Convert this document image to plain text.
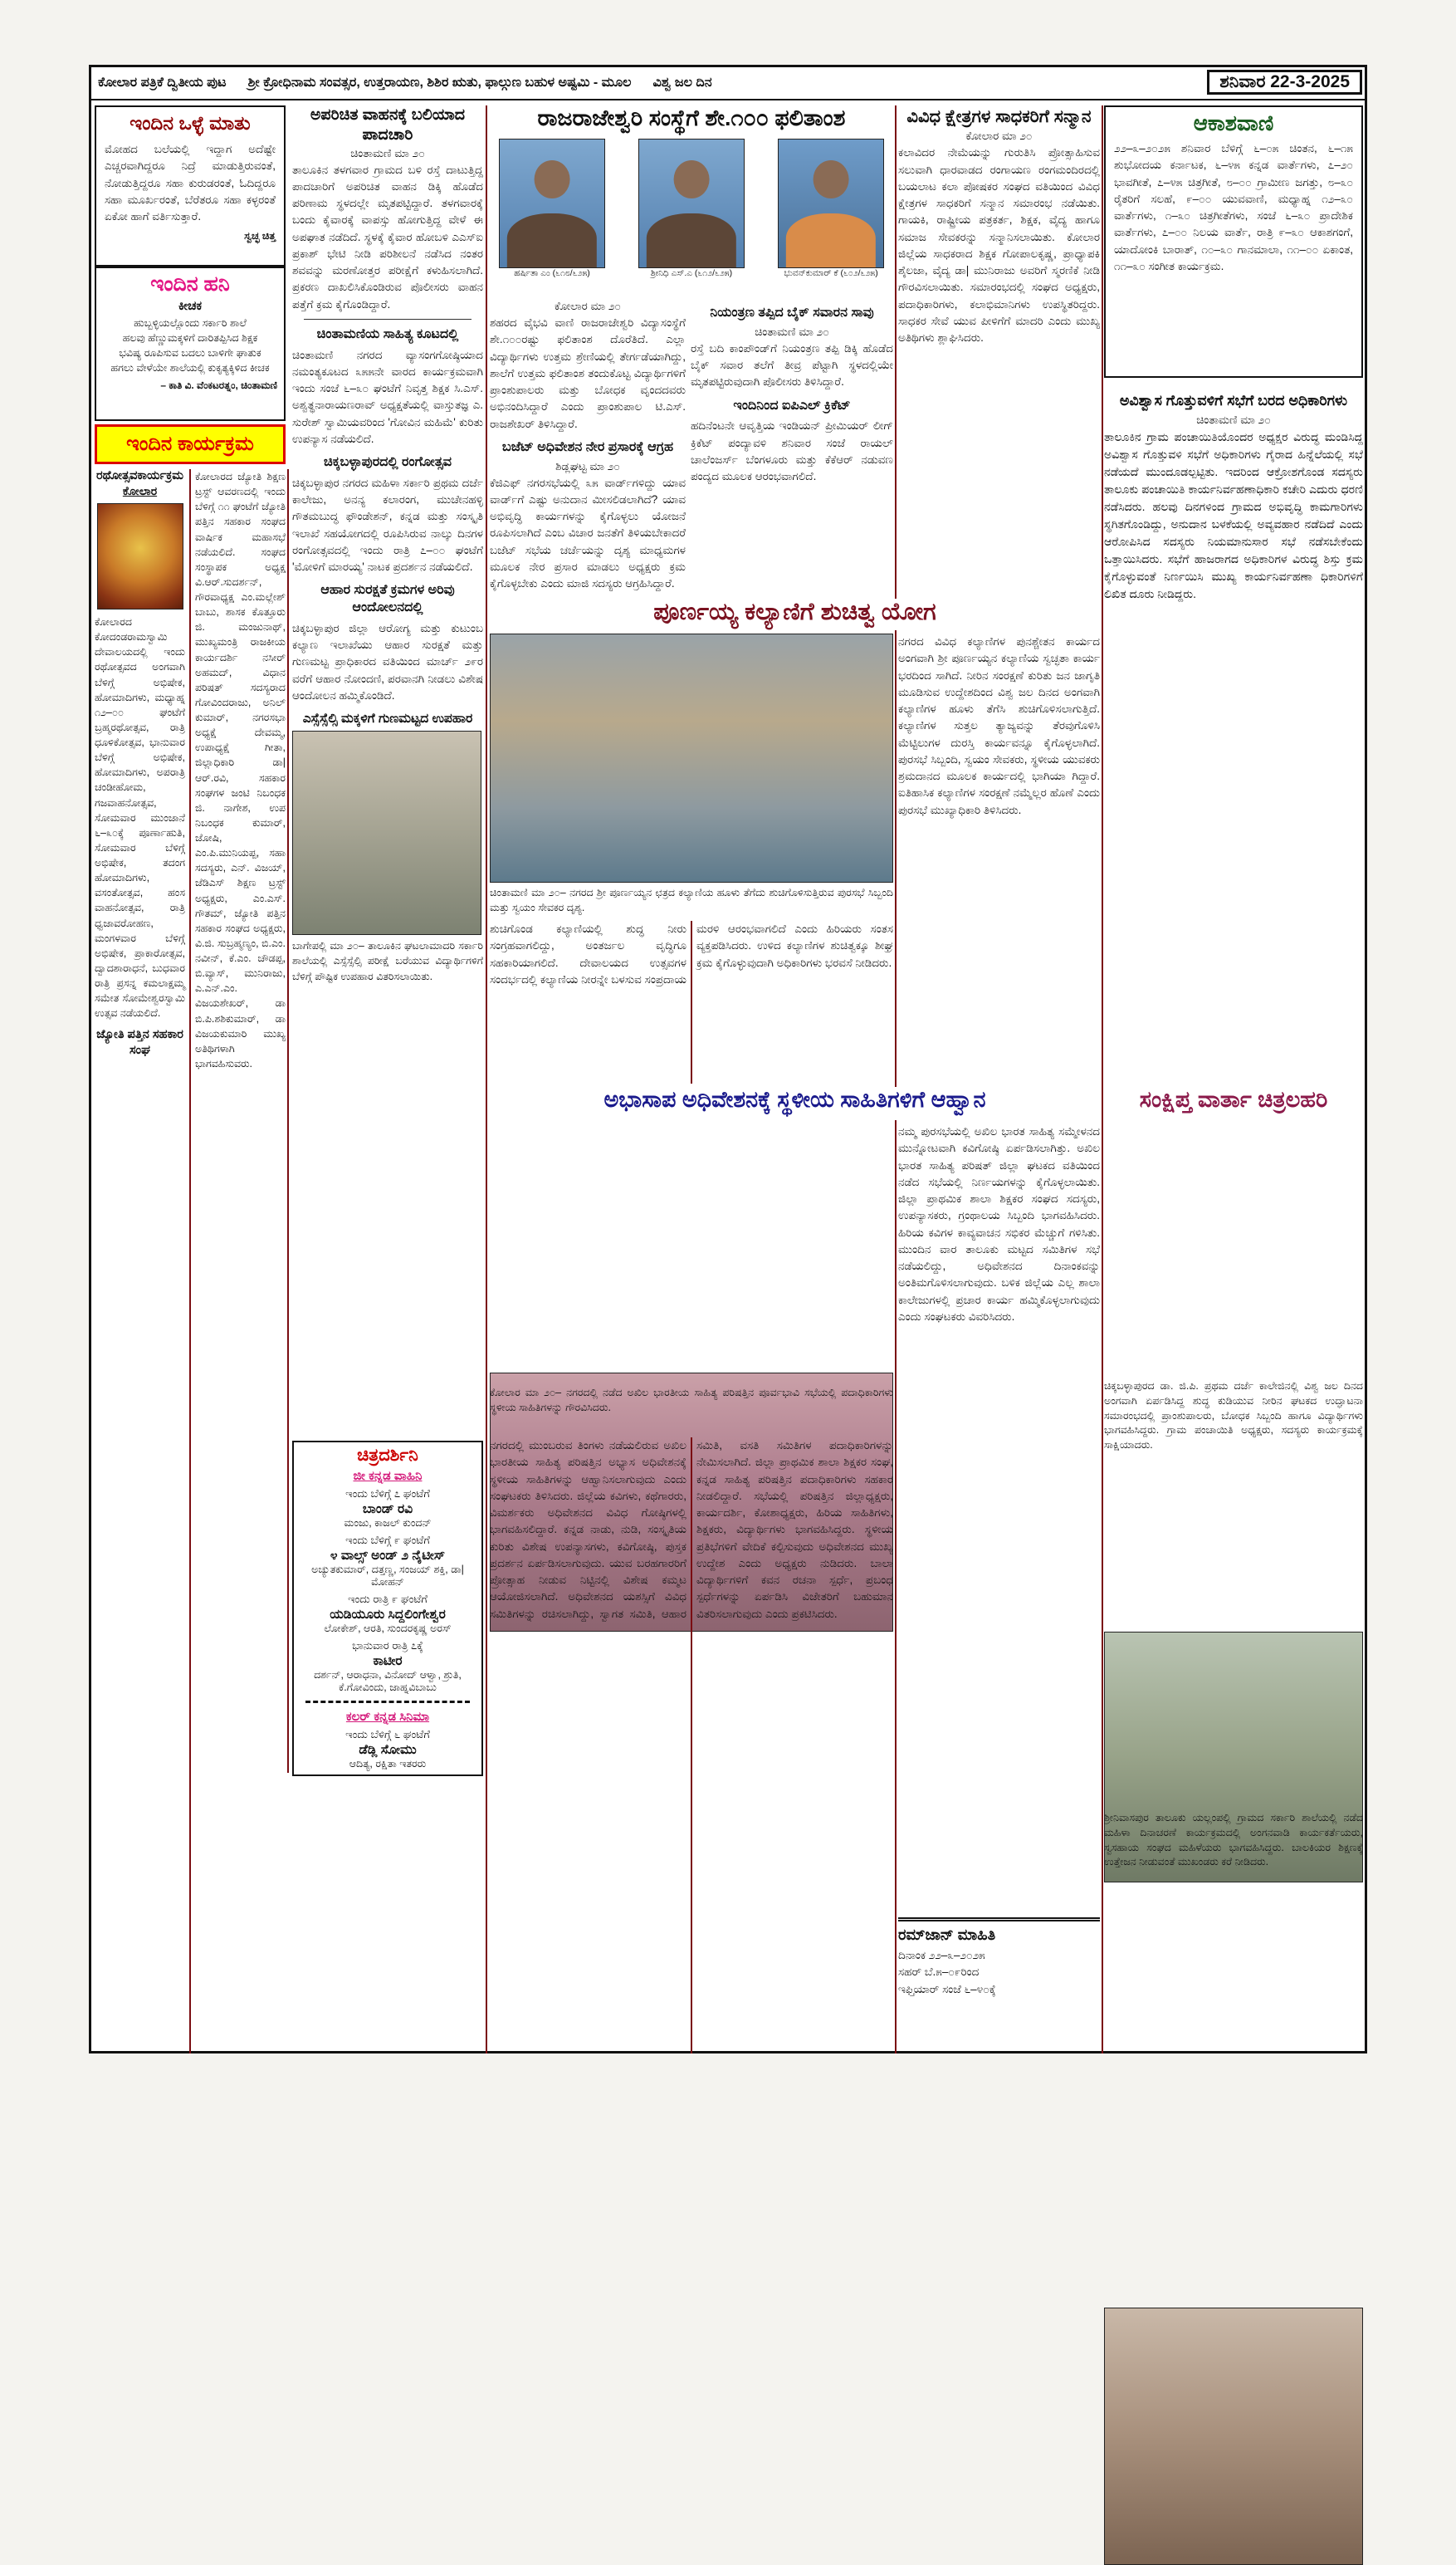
ಕೋಲಾರ ಪತ್ರಿಕೆ ದ್ವಿತೀಯ ಪುಟ ಶ್ರೀ ಕ್ರೋಧಿನಾಮ ಸಂವತ್ಸರ, ಉತ್ತರಾಯಣ, ಶಿಶಿರ ಋತು, ಫಾಲ್ಗುಣ ಬಹುಳ ಅಷ್ಟಮಿ - ಮೂಲ ವಿಶ್ವ ಜಲ ದಿನ	ಶನಿವಾರ 22-3-2025
ಇಂದಿನ ಒಳ್ಳೆ ಮಾತು
ಮೋಹದ ಬಲೆಯಲ್ಲಿ ಇದ್ದಾಗ ಅದೆಷ್ಟೇ ಎಚ್ಚರವಾಗಿದ್ದರೂ ನಿದ್ರೆ ಮಾಡುತ್ತಿರುವಂತೆ, ನೋಡುತ್ತಿದ್ದರೂ ಸಹಾ ಕುರುಡರಂತೆ, ಓದಿದ್ದರೂ ಸಹಾ ಮೂರ್ಖರಂತೆ, ಬೆರೆತರೂ ಸಹಾ ಕಳ್ಳರಂತೆ ಏಕೋ ಹಾಗೆ ವರ್ತಿಸುತ್ತಾರೆ.
ಸ್ವಚ್ಛ ಚಿತ್ತ
ಇಂದಿನ ಹನಿ
ಕೀಚಕ
ಹುಬ್ಬಳ್ಳಿಯಲ್ಲೊಂದು ಸರ್ಕಾರಿ ಶಾಲೆ
ಹಲವು ಹೆಣ್ಣುಮಕ್ಕಳಿಗೆ ದಾರಿತಪ್ಪಿಸಿದ ಶಿಕ್ಷಕ
ಭವಿಷ್ಯ ರೂಪಿಸುವ ಬದಲು ಬಾಳಿಗೇ ಘಾತುಕ
ಹಗಲು ವೇಳೆಯೇ ಶಾಲೆಯಲ್ಲಿ ಕುಕೃತ್ಯಕ್ಕಿಳಿದ ಕೀಚಕ
– ಕಾತಿ ವಿ. ವೆಂಕಟರತ್ನಂ, ಚಿಂತಾಮಣಿ
ಇಂದಿನ ಕಾರ್ಯಕ್ರಮ
ರಥೋತ್ಸವಕಾರ್ಯಕ್ರಮ
ಕೋಲಾರ
ಕೋಲಾರದ ಕೋದಂಡರಾಮಸ್ವಾಮಿ ದೇವಾಲಯದಲ್ಲಿ ಇಂದು ರಥೋತ್ಸವದ ಅಂಗವಾಗಿ ಬೆಳಿಗ್ಗೆ ಅಭಿಷೇಕ, ಹೋಮಾದಿಗಳು, ಮಧ್ಯಾಹ್ನ ೧೨–೦೦ ಘಂಟೆಗೆ ಬ್ರಹ್ಮರಥೋತ್ಸವ, ರಾತ್ರಿ ಧೂಳಿಕೋತ್ಸವ, ಭಾನುವಾರ ಬೆಳಿಗ್ಗೆ ಅಭಿಷೇಕ, ಹೋಮಾದಿಗಳು, ಅಪರಾತ್ರಿ ಚಂಡೀಹೋಮ, ಗಜವಾಹನೋತ್ಸವ, ಸೋಮವಾರ ಮುಂಜಾನೆ ೬–೩೦ಕ್ಕೆ ಪೂರ್ಣಾಹುತಿ, ಸೋಮವಾರ ಬೆಳಿಗ್ಗೆ ಅಭಿಷೇಕ, ತದಂಗ ಹೋಮಾದಿಗಳು, ವಸಂತೋತ್ಸವ, ಹಂಸ ವಾಹನೋತ್ಸವ, ರಾತ್ರಿ ಧ್ವಜಾವರೋಹಣ, ಮಂಗಳವಾರ ಬೆಳಿಗ್ಗೆ ಅಭಿಷೇಕ, ಪ್ರಾಕಾರೋತ್ಸವ, ದ್ವಾದಶಾರಾಧನೆ, ಬುಧವಾರ ರಾತ್ರಿ ಪ್ರಸನ್ನ ಕಮಲಾಕ್ಷಮ್ಮ ಸಮೇತ ಸೋಮೇಶ್ವರಸ್ವಾಮಿ ಉತ್ಸವ ನಡೆಯಲಿದೆ.
ಜ್ಯೋತಿ ಪತ್ತಿನ ಸಹಕಾರ ಸಂಘ
ಕೋಲಾರದ ಜ್ಯೋತಿ ಶಿಕ್ಷಣ ಟ್ರಸ್ಟ್ ಆವರಣದಲ್ಲಿ ಇಂದು ಬೆಳಿಗ್ಗೆ ೧೧ ಘಂಟೆಗೆ ಜ್ಯೋತಿ ಪತ್ತಿನ ಸಹಕಾರ ಸಂಘದ ವಾರ್ಷಿಕ ಮಹಾಸಭೆ ನಡೆಯಲಿದೆ. ಸಂಘದ ಸಂಸ್ಥಾಪಕ ಅಧ್ಯಕ್ಷ ವಿ.ಆರ್.ಸುದರ್ಶನ್, ಗೌರವಾಧ್ಯಕ್ಷ ಎಂ.ಮಲ್ಲೇಶ್ ಬಾಬು, ಶಾಸಕ ಕೊತ್ತೂರು ಜಿ. ಮಂಜುನಾಥ್, ಮುಖ್ಯಮಂತ್ರಿ ರಾಜಕೀಯ ಕಾರ್ಯದರ್ಶಿ ನಸೀರ್ ಅಹಮದ್, ವಿಧಾನ ಪರಿಷತ್ ಸದಸ್ಯರಾದ ಗೋವಿಂದರಾಜು, ಅನಿಲ್ ಕುಮಾರ್, ನಗರಸಭಾ ಅಧ್ಯಕ್ಷೆ ದೇವಮ್ಮ, ಉಪಾಧ್ಯಕ್ಷೆ ಗೀತಾ, ಜಿಲ್ಲಾಧಿಕಾರಿ ಡಾ| ಆರ್.ರವಿ, ಸಹಕಾರ ಸಂಘಗಳ ಜಂಟಿ ನಿಬಂಧಕ ಜಿ. ನಾಗೇಶ, ಉಪ ನಿಬಂಧಕ ಕುಮಾರ್, ಜೋಷಿ, ಎಂ.ಪಿ.ಮುನಿಯಪ್ಪ, ಸಹಾ ಸದಸ್ಯರು, ಎನ್. ವಿಜಯ್, ಜೆಡಿಎಸ್ ಶಿಕ್ಷಣ ಟ್ರಸ್ಟ್ ಅಧ್ಯಕ್ಷರು, ಎಂ.ಎಸ್. ಗೌತಮ್, ಜ್ಯೋತಿ ಪತ್ತಿನ ಸಹಕಾರ ಸಂಘದ ಅಧ್ಯಕ್ಷರು, ವಿ.ಜಿ. ಸುಬ್ರಹ್ಮಣ್ಯಂ, ಬಿ.ಎಂ. ನವೀನ್, ಕೆ.ಎಂ. ಚೌಡಪ್ಪ, ಬಿ.ವ್ಯಾಸ್, ಮುನಿರಾಜು, ಎ.ಎನ್.ಎಂ. ವಿಜಯಶೇಖರ್, ಡಾ ಬಿ.ಪಿ.ಶಶಿಕುಮಾರ್, ಡಾ ವಿಜಯಕುಮಾರಿ ಮುಖ್ಯ ಅತಿಥಿಗಳಾಗಿ ಭಾಗವಹಿಸುವರು.
ಅಪರಿಚಿತ ವಾಹನಕ್ಕೆ ಬಲಿಯಾದ ಪಾದಚಾರಿ
ಚಿಂತಾಮಣಿ ಮಾ ೨೦
ತಾಲೂಕಿನ ತಳಗವಾರ ಗ್ರಾಮದ ಬಳಿ ರಸ್ತೆ ದಾಟುತ್ತಿದ್ದ ಪಾದಚಾರಿಗೆ ಅಪರಿಚಿತ ವಾಹನ ಡಿಕ್ಕಿ ಹೊಡೆದ ಪರಿಣಾಮ ಸ್ಥಳದಲ್ಲೇ ಮೃತಪಟ್ಟಿದ್ದಾರೆ. ತಳಗವಾರಕ್ಕೆ ಬಂದು ಕೈವಾರಕ್ಕೆ ವಾಪಸ್ಸು ಹೋಗುತ್ತಿದ್ದ ವೇಳೆ ಈ ಅಪಘಾತ ನಡೆದಿದೆ. ಸ್ಥಳಕ್ಕೆ ಕೈವಾರ ಹೋಬಳಿ ಎಎಸ್‌ಐ ಪ್ರಕಾಶ್ ಭೇಟಿ ನೀಡಿ ಪರಿಶೀಲನೆ ನಡೆಸಿದ ನಂತರ ಶವವನ್ನು ಮರಣೋತ್ತರ ಪರೀಕ್ಷೆಗೆ ಕಳುಹಿಸಲಾಗಿದೆ. ಪ್ರಕರಣ ದಾಖಲಿಸಿಕೊಂಡಿರುವ ಪೊಲೀಸರು ವಾಹನ ಪತ್ತೆಗೆ ಕ್ರಮ ಕೈಗೊಂಡಿದ್ದಾರೆ.
ಚಿಂತಾಮಣಿಯ ಸಾಹಿತ್ಯ ಕೂಟದಲ್ಲಿ
ಚಿಂತಾಮಣಿ ನಗರದ ವ್ಯಾಸಂಗಗೋಷ್ಠಿಯಾದ ನಮಂತ್ಯಕೂಟದ ೩೫೫ನೇ ವಾರದ ಕಾರ್ಯಕ್ರಮವಾಗಿ ಇಂದು ಸಂಜೆ ೬–೩೦ ಘಂಟೆಗೆ ನಿವೃತ್ತ ಶಿಕ್ಷಕ ಸಿ.ಎಸ್. ಅಶ್ವತ್ಥನಾರಾಯಣರಾವ್ ಅಧ್ಯಕ್ಷತೆಯಲ್ಲಿ ವಾಸ್ತುತಜ್ಞ ಎ. ಸುರೇಶ್ ಸ್ವಾಮಿಯವರಿಂದ 'ಗೋವಿನ ಮಹಿಮೆ' ಕುರಿತು ಉಪನ್ಯಾಸ ನಡೆಯಲಿದೆ.
ಚಿಕ್ಕಬಳ್ಳಾಪುರದಲ್ಲಿ ರಂಗೋತ್ಸವ
ಚಿಕ್ಕಬಳ್ಳಾಪುರ ನಗರದ ಮಹಿಳಾ ಸರ್ಕಾರಿ ಪ್ರಥಮ ದರ್ಜೆ ಕಾಲೇಜು, ಅನನ್ಯ ಕಲಾರಂಗ, ಮುಚೇನಹಳ್ಳಿ ಗೌತಮಬುದ್ಧ ಫೌಂಡೇಶನ್, ಕನ್ನಡ ಮತ್ತು ಸಂಸ್ಕೃತಿ ಇಲಾಖೆ ಸಹಯೋಗದಲ್ಲಿ ರೂಪಿಸಿರುವ ನಾಲ್ಕು ದಿನಗಳ ರಂಗೋತ್ಸವದಲ್ಲಿ ಇಂದು ರಾತ್ರಿ ೭–೦೦ ಘಂಟೆಗೆ 'ಮೋಳಿಗೆ ಮಾರಯ್ಯ' ನಾಟಕ ಪ್ರದರ್ಶನ ನಡೆಯಲಿದೆ.
ಆಹಾರ ಸುರಕ್ಷತೆ ಕ್ರಮಗಳ ಅರಿವು ಆಂದೋಲನದಲ್ಲಿ
ಚಿಕ್ಕಬಳ್ಳಾಪುರ ಜಿಲ್ಲಾ ಆರೋಗ್ಯ ಮತ್ತು ಕುಟುಂಬ ಕಲ್ಯಾಣ ಇಲಾಖೆಯು ಆಹಾರ ಸುರಕ್ಷತೆ ಮತ್ತು ಗುಣಮಟ್ಟ ಪ್ರಾಧಿಕಾರದ ವತಿಯಿಂದ ಮಾರ್ಚ್ ೨೯ರ ವರೆಗೆ ಆಹಾರ ನೋಂದಣಿ, ಪರವಾನಗಿ ನೀಡಲು ವಿಶೇಷ ಆಂದೋಲನ ಹಮ್ಮಿಕೊಂಡಿದೆ.
ಎಸ್ಸೆಸ್ಸೆಲ್ಸಿ ಮಕ್ಕಳಿಗೆ ಗುಣಮಟ್ಟದ ಉಪಹಾರ
ಬಾಗೇಪಲ್ಲಿ ಮಾ ೨೦– ತಾಲೂಕಿನ ಘಟಲಾಮಾದರಿ ಸರ್ಕಾರಿ ಶಾಲೆಯಲ್ಲಿ ಎಸ್ಸೆಸ್ಸೆಲ್ಸಿ ಪರೀಕ್ಷೆ ಬರೆಯುವ ವಿದ್ಯಾರ್ಥಿಗಳಿಗೆ ಬೆಳಿಗ್ಗೆ ಪೌಷ್ಟಿಕ ಉಪಹಾರ ವಿತರಿಸಲಾಯಿತು.
ಚಿತ್ರದರ್ಶಿನಿ
ಜೀ ಕನ್ನಡ ವಾಹಿನಿ
ಇಂದು ಬೆಳಿಗ್ಗೆ ೭ ಘಂಟೆಗೆ
ಬಾಂಡ್ ರವಿ
ಮಂಜು, ಕಾಜಲ್ ಕುಂದನ್
ಇಂದು ಬೆಳಿಗ್ಗೆ ೯ ಘಂಟೆಗೆ
೪ ವಾಲ್ಸ್ ಅಂಡ್ ೨ ನೈಟೀಸ್
ಅಚ್ಯುತಕುಮಾರ್, ದತ್ತಣ್ಣ, ಸಂಜಯ್ ಶಕ್ತಿ, ಡಾ|ಮೋಹನ್
ಇಂದು ರಾತ್ರಿ ೯ ಘಂಟೆಗೆ
ಯಡಿಯೂರು ಸಿದ್ದಲಿಂಗೇಶ್ವರ
ಲೋಕೇಶ್, ಆರತಿ, ಸುಂದರಕೃಷ್ಣ ಅರಸ್
ಭಾನುವಾರ ರಾತ್ರಿ ೭ಕ್ಕೆ
ಕಾಟೀರ
ದರ್ಶನ್, ಆರಾಧನಾ, ವಿನೋದ್ ಆಳ್ವಾ, ಶ್ರುತಿ, ಕೆ.ಗೋವಿಂದು, ಜಾಹ್ನವಿಬಾಬು
ಕಲರ್ ಕನ್ನಡ ಸಿನಿಮಾ
ಇಂದು ಬೆಳಿಗ್ಗೆ ೬ ಘಂಟೆಗೆ
ಡೆಡ್ಲಿ ಸೋಮು
ಆದಿತ್ಯ, ರಕ್ಷಿತಾ ಇತರರು
ರಾಜರಾಜೇಶ್ವರಿ ಸಂಸ್ಥೆಗೆ ಶೇ.೧೦೦ ಫಲಿತಾಂಶ
ಹರ್ಷಿತಾ ಎಂ (೬೧೮/೬೨೫)	ಶ್ರೀನಿಧಿ ಎಸ್.ಎ (೬೧೨/೬೨೫)	ಭುವನ್‌ಕುಮಾರ್ ಕೆ (೬೦೨/೬೨೫)
ಕೋಲಾರ ಮಾ ೨೦
ಶಹರದ ವೈಭವಿ ವಾಣಿ ರಾಜರಾಜೇಶ್ವರಿ ವಿದ್ಯಾಸಂಸ್ಥೆಗೆ ಶೇ.೧೦೦ರಷ್ಟು ಫಲಿತಾಂಶ ದೊರೆತಿದೆ. ಎಲ್ಲಾ ವಿದ್ಯಾರ್ಥಿಗಳು ಉತ್ತಮ ಶ್ರೇಣಿಯಲ್ಲಿ ತೇರ್ಗಡೆಯಾಗಿದ್ದು, ಶಾಲೆಗೆ ಉತ್ತಮ ಫಲಿತಾಂಶ ತಂದುಕೊಟ್ಟ ವಿದ್ಯಾರ್ಥಿಗಳಿಗೆ ಪ್ರಾಂಶುಪಾಲರು ಮತ್ತು ಬೋಧಕ ವೃಂದದವರು ಅಭಿನಂದಿಸಿದ್ದಾರೆ ಎಂದು ಪ್ರಾಂಶುಪಾಲ ಟಿ.ಎಸ್. ರಾಜಶೇಖರ್ ತಿಳಿಸಿದ್ದಾರೆ.
ಬಜೆಟ್ ಅಧಿವೇಶನ ನೇರ ಪ್ರಸಾರಕ್ಕೆ ಆಗ್ರಹ
ಶಿಡ್ಲಘಟ್ಟ ಮಾ ೨೦
ಕೆಜಿಎಫ್ ನಗರಸಭೆಯಲ್ಲಿ ೩೫ ವಾರ್ಡ್‌ಗಳಿದ್ದು ಯಾವ ವಾರ್ಡ್‌ಗೆ ಎಷ್ಟು ಅನುದಾನ ಮೀಸಲಿಡಲಾಗಿದೆ? ಯಾವ ಅಭಿವೃದ್ಧಿ ಕಾರ್ಯಗಳನ್ನು ಕೈಗೊಳ್ಳಲು ಯೋಜನೆ ರೂಪಿಸಲಾಗಿದೆ ಎಂಬ ವಿಚಾರ ಜನತೆಗೆ ತಿಳಿಯಬೇಕಾದರೆ ಬಜೆಟ್ ಸಭೆಯ ಚರ್ಚೆಯನ್ನು ದೃಶ್ಯ ಮಾಧ್ಯಮಗಳ ಮೂಲಕ ನೇರ ಪ್ರಸಾರ ಮಾಡಲು ಅಧ್ಯಕ್ಷರು ಕ್ರಮ ಕೈಗೊಳ್ಳಬೇಕು ಎಂದು ಮಾಜಿ ಸದಸ್ಯರು ಆಗ್ರಹಿಸಿದ್ದಾರೆ.
ನಿಯಂತ್ರಣ ತಪ್ಪಿದ ಬೈಕ್ ಸವಾರನ ಸಾವು
ಚಿಂತಾಮಣಿ ಮಾ ೨೦
ರಸ್ತೆ ಬದಿ ಕಾಂಪೌಂಡ್‌ಗೆ ನಿಯಂತ್ರಣ ತಪ್ಪಿ ಡಿಕ್ಕಿ ಹೊಡೆದ ಬೈಕ್ ಸವಾರ ತಲೆಗೆ ತೀವ್ರ ಪೆಟ್ಟಾಗಿ ಸ್ಥಳದಲ್ಲಿಯೇ ಮೃತಪಟ್ಟಿರುವುದಾಗಿ ಪೊಲೀಸರು ತಿಳಿಸಿದ್ದಾರೆ.
ಇಂದಿನಿಂದ ಐಪಿಎಲ್ ಕ್ರಿಕೆಟ್
ಹದಿನೆಂಟನೇ ಆವೃತ್ತಿಯ ಇಂಡಿಯನ್ ಪ್ರೀಮಿಯರ್ ಲೀಗ್ ಕ್ರಿಕೆಟ್ ಪಂದ್ಯಾವಳಿ ಶನಿವಾರ ಸಂಜೆ ರಾಯಲ್ ಚಾಲೆಂಜರ್ಸ್ ಬೆಂಗಳೂರು ಮತ್ತು ಕೆಕೆಆರ್ ನಡುವಣ ಪಂದ್ಯದ ಮೂಲಕ ಆರಂಭವಾಗಲಿದೆ.
ಪೂರ್ಣಯ್ಯ ಕಲ್ಯಾಣಿಗೆ ಶುಚಿತ್ವ ಯೋಗ
ಚಿಂತಾಮಣಿ ಮಾ ೨೦– ನಗರದ ಶ್ರೀ ಪೂರ್ಣಯ್ಯನ ಛತ್ರದ ಕಲ್ಯಾಣಿಯ ಹೂಳು ತೆಗೆದು ಶುಚಿಗೊಳಿಸುತ್ತಿರುವ ಪುರಸಭೆ ಸಿಬ್ಬಂದಿ ಮತ್ತು ಸ್ವಯಂ ಸೇವಕರ ದೃಶ್ಯ.
ಶುಚಿಗೊಂಡ ಕಲ್ಯಾಣಿಯಲ್ಲಿ ಶುದ್ಧ ನೀರು ಸಂಗ್ರಹವಾಗಲಿದ್ದು, ಅಂತರ್ಜಲ ವೃದ್ಧಿಗೂ ಸಹಕಾರಿಯಾಗಲಿದೆ. ದೇವಾಲಯದ ಉತ್ಸವಗಳ ಸಂದರ್ಭದಲ್ಲಿ ಕಲ್ಯಾಣಿಯ ನೀರನ್ನೇ ಬಳಸುವ ಸಂಪ್ರದಾಯ ಮರಳಿ ಆರಂಭವಾಗಲಿದೆ ಎಂದು ಹಿರಿಯರು ಸಂತಸ ವ್ಯಕ್ತಪಡಿಸಿದರು. ಉಳಿದ ಕಲ್ಯಾಣಿಗಳ ಶುಚಿತ್ವಕ್ಕೂ ಶೀಘ್ರ ಕ್ರಮ ಕೈಗೊಳ್ಳುವುದಾಗಿ ಅಧಿಕಾರಿಗಳು ಭರವಸೆ ನೀಡಿದರು.
ಅಭಾಸಾಪ ಅಧಿವೇಶನಕ್ಕೆ ಸ್ಥಳೀಯ ಸಾಹಿತಿಗಳಿಗೆ ಆಹ್ವಾನ
ಕೋಲಾರ ಮಾ ೨೦– ನಗರದಲ್ಲಿ ನಡೆದ ಅಖಿಲ ಭಾರತೀಯ ಸಾಹಿತ್ಯ ಪರಿಷತ್ತಿನ ಪೂರ್ವಭಾವಿ ಸಭೆಯಲ್ಲಿ ಪದಾಧಿಕಾರಿಗಳು ಸ್ಥಳೀಯ ಸಾಹಿತಿಗಳನ್ನು ಗೌರವಿಸಿದರು.
ನಗರದಲ್ಲಿ ಮುಂಬರುವ ತಿಂಗಳು ನಡೆಯಲಿರುವ ಅಖಿಲ ಭಾರತೀಯ ಸಾಹಿತ್ಯ ಪರಿಷತ್ತಿನ ಅಭ್ಯಾಸ ಅಧಿವೇಶನಕ್ಕೆ ಸ್ಥಳೀಯ ಸಾಹಿತಿಗಳನ್ನು ಆಹ್ವಾನಿಸಲಾಗುವುದು ಎಂದು ಸಂಘಟಕರು ತಿಳಿಸಿದರು. ಜಿಲ್ಲೆಯ ಕವಿಗಳು, ಕಥೆಗಾರರು, ವಿಮರ್ಶಕರು ಅಧಿವೇಶನದ ವಿವಿಧ ಗೋಷ್ಠಿಗಳಲ್ಲಿ ಭಾಗವಹಿಸಲಿದ್ದಾರೆ. ಕನ್ನಡ ನಾಡು, ನುಡಿ, ಸಂಸ್ಕೃತಿಯ ಕುರಿತು ವಿಶೇಷ ಉಪನ್ಯಾಸಗಳು, ಕವಿಗೋಷ್ಠಿ, ಪುಸ್ತಕ ಪ್ರದರ್ಶನ ಏರ್ಪಡಿಸಲಾಗುವುದು. ಯುವ ಬರಹಗಾರರಿಗೆ ಪ್ರೋತ್ಸಾಹ ನೀಡುವ ನಿಟ್ಟಿನಲ್ಲಿ ವಿಶೇಷ ಕಮ್ಮಟ ಆಯೋಜಿಸಲಾಗಿದೆ. ಅಧಿವೇಶನದ ಯಶಸ್ಸಿಗೆ ವಿವಿಧ ಸಮಿತಿಗಳನ್ನು ರಚಿಸಲಾಗಿದ್ದು, ಸ್ವಾಗತ ಸಮಿತಿ, ಆಹಾರ ಸಮಿತಿ, ವಸತಿ ಸಮಿತಿಗಳ ಪದಾಧಿಕಾರಿಗಳನ್ನು ನೇಮಿಸಲಾಗಿದೆ. ಜಿಲ್ಲಾ ಪ್ರಾಥಮಿಕ ಶಾಲಾ ಶಿಕ್ಷಕರ ಸಂಘ, ಕನ್ನಡ ಸಾಹಿತ್ಯ ಪರಿಷತ್ತಿನ ಪದಾಧಿಕಾರಿಗಳು ಸಹಕಾರ ನೀಡಲಿದ್ದಾರೆ. ಸಭೆಯಲ್ಲಿ ಪರಿಷತ್ತಿನ ಜಿಲ್ಲಾಧ್ಯಕ್ಷರು, ಕಾರ್ಯದರ್ಶಿ, ಕೋಶಾಧ್ಯಕ್ಷರು, ಹಿರಿಯ ಸಾಹಿತಿಗಳು, ಶಿಕ್ಷಕರು, ವಿದ್ಯಾರ್ಥಿಗಳು ಭಾಗವಹಿಸಿದ್ದರು. ಸ್ಥಳೀಯ ಪ್ರತಿಭೆಗಳಿಗೆ ವೇದಿಕೆ ಕಲ್ಪಿಸುವುದು ಅಧಿವೇಶನದ ಮುಖ್ಯ ಉದ್ದೇಶ ಎಂದು ಅಧ್ಯಕ್ಷರು ನುಡಿದರು. ಬಾಲಾ ವಿದ್ಯಾರ್ಥಿಗಳಿಗೆ ಕವನ ರಚನಾ ಸ್ಪರ್ಧೆ, ಪ್ರಬಂಧ ಸ್ಪರ್ಧೆಗಳನ್ನು ಏರ್ಪಡಿಸಿ ವಿಜೇತರಿಗೆ ಬಹುಮಾನ ವಿತರಿಸಲಾಗುವುದು ಎಂದು ಪ್ರಕಟಿಸಿದರು.
ವಿವಿಧ ಕ್ಷೇತ್ರಗಳ ಸಾಧಕರಿಗೆ ಸನ್ಮಾನ
ಕೋಲಾರ ಮಾ ೨೦
ಕಲಾವಿದರ ನೇಮೆಯನ್ನು ಗುರುತಿಸಿ ಪ್ರೋತ್ಸಾಹಿಸುವ ಸಲುವಾಗಿ ಧಾರವಾಡದ ರಂಗಾಯಣ ರಂಗಮಂದಿರದಲ್ಲಿ ಬಯಲಾಟ ಕಲಾ ಪೋಷಕರ ಸಂಘದ ವತಿಯಿಂದ ವಿವಿಧ ಕ್ಷೇತ್ರಗಳ ಸಾಧಕರಿಗೆ ಸನ್ಮಾನ ಸಮಾರಂಭ ನಡೆಯಿತು. ಗಾಯಕಿ, ರಾಷ್ಟ್ರೀಯ ಪತ್ರಕರ್ತ, ಶಿಕ್ಷಕ, ವೈದ್ಯ ಹಾಗೂ ಸಮಾಜ ಸೇವಕರನ್ನು ಸನ್ಮಾನಿಸಲಾಯಿತು. ಕೋಲಾರ ಜಿಲ್ಲೆಯ ಸಾಧಕರಾದ ಶಿಕ್ಷಕ ಗೋಪಾಲಕೃಷ್ಣ, ಪ್ರಾಧ್ಯಾಪಕಿ ಶೈಲಜಾ, ವೈದ್ಯ ಡಾ| ಮುನಿರಾಜು ಅವರಿಗೆ ಸ್ಮರಣಿಕೆ ನೀಡಿ ಗೌರವಿಸಲಾಯಿತು. ಸಮಾರಂಭದಲ್ಲಿ ಸಂಘದ ಅಧ್ಯಕ್ಷರು, ಪದಾಧಿಕಾರಿಗಳು, ಕಲಾಭಿಮಾನಿಗಳು ಉಪಸ್ಥಿತರಿದ್ದರು. ಸಾಧಕರ ಸೇವೆ ಯುವ ಪೀಳಿಗೆಗೆ ಮಾದರಿ ಎಂದು ಮುಖ್ಯ ಅತಿಥಿಗಳು ಶ್ಲಾಘಿಸಿದರು.
ನಗರದ ವಿವಿಧ ಕಲ್ಯಾಣಿಗಳ ಪುನಶ್ಚೇತನ ಕಾರ್ಯದ ಅಂಗವಾಗಿ ಶ್ರೀ ಪೂರ್ಣಯ್ಯನ ಕಲ್ಯಾಣಿಯ ಸ್ವಚ್ಛತಾ ಕಾರ್ಯ ಭರದಿಂದ ಸಾಗಿದೆ. ನೀರಿನ ಸಂರಕ್ಷಣೆ ಕುರಿತು ಜನ ಜಾಗೃತಿ ಮೂಡಿಸುವ ಉದ್ದೇಶದಿಂದ ವಿಶ್ವ ಜಲ ದಿನದ ಅಂಗವಾಗಿ ಕಲ್ಯಾಣಿಗಳ ಹೂಳು ತೆಗೆಸಿ ಶುಚಿಗೊಳಿಸಲಾಗುತ್ತಿದೆ. ಕಲ್ಯಾಣಿಗಳ ಸುತ್ತಲ ತ್ಯಾಜ್ಯವನ್ನು ತೆರವುಗೊಳಿಸಿ ಮೆಟ್ಟಿಲುಗಳ ದುರಸ್ತಿ ಕಾರ್ಯವನ್ನೂ ಕೈಗೊಳ್ಳಲಾಗಿದೆ. ಪುರಸಭೆ ಸಿಬ್ಬಂದಿ, ಸ್ವಯಂ ಸೇವಕರು, ಸ್ಥಳೀಯ ಯುವಕರು ಶ್ರಮದಾನದ ಮೂಲಕ ಕಾರ್ಯದಲ್ಲಿ ಭಾಗಿಯಾ ಗಿದ್ದಾರೆ. ಐತಿಹಾಸಿಕ ಕಲ್ಯಾಣಿಗಳ ಸಂರಕ್ಷಣೆ ನಮ್ಮೆಲ್ಲರ ಹೊಣೆ ಎಂದು ಪುರಸಭೆ ಮುಖ್ಯಾಧಿಕಾರಿ ತಿಳಿಸಿದರು.
ನಮ್ಮ ಪುರಸಭೆಯಲ್ಲಿ ಅಖಿಲ ಭಾರತ ಸಾಹಿತ್ಯ ಸಮ್ಮೇಳನದ ಮುನ್ನೋಟವಾಗಿ ಕವಿಗೋಷ್ಠಿ ಏರ್ಪಡಿಸಲಾಗಿತ್ತು. ಅಖಿಲ ಭಾರತ ಸಾಹಿತ್ಯ ಪರಿಷತ್ ಜಿಲ್ಲಾ ಘಟಕದ ವತಿಯಿಂದ ನಡೆದ ಸಭೆಯಲ್ಲಿ ನಿರ್ಣಯಗಳನ್ನು ಕೈಗೊಳ್ಳಲಾಯಿತು. ಜಿಲ್ಲಾ ಪ್ರಾಥಮಿಕ ಶಾಲಾ ಶಿಕ್ಷಕರ ಸಂಘದ ಸದಸ್ಯರು, ಉಪನ್ಯಾಸಕರು, ಗ್ರಂಥಾಲಯ ಸಿಬ್ಬಂದಿ ಭಾಗವಹಿಸಿದರು. ಹಿರಿಯ ಕವಿಗಳ ಕಾವ್ಯವಾಚನ ಸಭಿಕರ ಮೆಚ್ಚುಗೆ ಗಳಿಸಿತು. ಮುಂದಿನ ವಾರ ತಾಲೂಕು ಮಟ್ಟದ ಸಮಿತಿಗಳ ಸಭೆ ನಡೆಯಲಿದ್ದು, ಅಧಿವೇಶನದ ದಿನಾಂಕವನ್ನು ಅಂತಿಮಗೊಳಿಸಲಾಗುವುದು. ಬಳಿಕ ಜಿಲ್ಲೆಯ ಎಲ್ಲ ಶಾಲಾ ಕಾಲೇಜುಗಳಲ್ಲಿ ಪ್ರಚಾರ ಕಾರ್ಯ ಹಮ್ಮಿಕೊಳ್ಳಲಾಗುವುದು ಎಂದು ಸಂಘಟಕರು ವಿವರಿಸಿದರು.
ರಮ್‌ಜಾನ್ ಮಾಹಿತಿ
ದಿನಾಂಕ ೨೨–೩–೨೦೨೫
ಸಹರ್ ಬೆ.೫–೦೯ರಿಂದ
ಇಫ್ತಿಯಾರ್ ಸಂಜೆ ೬–೪೦ಕ್ಕೆ
ಆಕಾಶವಾಣಿ
೨೨–೩–೨೦೨೫ ಶನಿವಾರ ಬೆಳಿಗ್ಗೆ ೬–೦೫ ಚಿಂತನ, ೬–೧೫ ಶುಭೋದಯ ಕರ್ನಾಟಕ, ೬–೪೫ ಕನ್ನಡ ವಾರ್ತೆಗಳು, ೭–೨೦ ಭಾವಗೀತೆ, ೭–೪೫ ಚಿತ್ರಗೀತೆ, ೮–೦೦ ಗ್ರಾಮೀಣ ಜಗತ್ತು, ೮–೩೦ ರೈತರಿಗೆ ಸಲಹೆ, ೯–೦೦ ಯುವವಾಣಿ, ಮಧ್ಯಾಹ್ನ ೧೨–೩೦ ವಾರ್ತೆಗಳು, ೧–೩೦ ಚಿತ್ರಗೀತೆಗಳು, ಸಂಜೆ ೬–೩೦ ಪ್ರಾದೇಶಿಕ ವಾರ್ತೆಗಳು, ೭–೦೦ ನಿಲಯ ವಾರ್ತೆ, ರಾತ್ರಿ ೯–೩೦ ಆಕಾಶಗಂಗೆ, ಯಾದೋಂಕಿ ಬಾರಾತ್, ೧೦–೩೦ ಗಾನಮಾಲಾ, ೧೧–೦೦ ಏಕಾಂತ, ೧೧–೩೦ ಸಂಗೀತ ಕಾರ್ಯಕ್ರಮ.
ಅವಿಶ್ವಾಸ ಗೊತ್ತುವಳಿಗೆ ಸಭೆಗೆ ಬರದ ಅಧಿಕಾರಿಗಳು
ಚಿಂತಾಮಣಿ ಮಾ ೨೦
ತಾಲೂಕಿನ ಗ್ರಾಮ ಪಂಚಾಯಿತಿಯೊಂದರ ಅಧ್ಯಕ್ಷರ ವಿರುದ್ಧ ಮಂಡಿಸಿದ್ದ ಅವಿಶ್ವಾಸ ಗೊತ್ತುವಳಿ ಸಭೆಗೆ ಅಧಿಕಾರಿಗಳು ಗೈರಾದ ಹಿನ್ನೆಲೆಯಲ್ಲಿ ಸಭೆ ನಡೆಯದೆ ಮುಂದೂಡಲ್ಪಟ್ಟಿತು. ಇದರಿಂದ ಆಕ್ರೋಶಗೊಂಡ ಸದಸ್ಯರು ತಾಲೂಕು ಪಂಚಾಯಿತಿ ಕಾರ್ಯನಿರ್ವಹಣಾಧಿಕಾರಿ ಕಚೇರಿ ಎದುರು ಧರಣಿ ನಡೆಸಿದರು. ಹಲವು ದಿನಗಳಿಂದ ಗ್ರಾಮದ ಅಭಿವೃದ್ಧಿ ಕಾಮಗಾರಿಗಳು ಸ್ಥಗಿತಗೊಂಡಿದ್ದು, ಅನುದಾನ ಬಳಕೆಯಲ್ಲಿ ಅವ್ಯವಹಾರ ನಡೆದಿದೆ ಎಂದು ಆರೋಪಿಸಿದ ಸದಸ್ಯರು ನಿಯಮಾನುಸಾರ ಸಭೆ ನಡೆಸಬೇಕೆಂದು ಒತ್ತಾಯಿಸಿದರು. ಸಭೆಗೆ ಹಾಜರಾಗದ ಅಧಿಕಾರಿಗಳ ವಿರುದ್ಧ ಶಿಸ್ತು ಕ್ರಮ ಕೈಗೊಳ್ಳುವಂತೆ ನಿರ್ಣಯಿಸಿ ಮುಖ್ಯ ಕಾರ್ಯನಿರ್ವಹಣಾ ಧಿಕಾರಿಗಳಿಗೆ ಲಿಖಿತ ದೂರು ನೀಡಿದ್ದರು.
ಸಂಕ್ಷಿಪ್ತ ವಾರ್ತಾ ಚಿತ್ರಲಹರಿ
ಚಿಕ್ಕಬಳ್ಳಾಪುರದ ಡಾ. ಜಿ.ಪಿ. ಪ್ರಥಮ ದರ್ಜೆ ಕಾಲೇಜಿನಲ್ಲಿ ವಿಶ್ವ ಜಲ ದಿನದ ಅಂಗವಾಗಿ ಏರ್ಪಡಿಸಿದ್ದ ಶುದ್ಧ ಕುಡಿಯುವ ನೀರಿನ ಘಟಕದ ಉದ್ಘಾಟನಾ ಸಮಾರಂಭದಲ್ಲಿ ಪ್ರಾಂಶುಪಾಲರು, ಬೋಧಕ ಸಿಬ್ಬಂದಿ ಹಾಗೂ ವಿದ್ಯಾರ್ಥಿಗಳು ಭಾಗವಹಿಸಿದ್ದರು. ಗ್ರಾಮ ಪಂಚಾಯಿತಿ ಅಧ್ಯಕ್ಷರು, ಸದಸ್ಯರು ಕಾರ್ಯಕ್ರಮಕ್ಕೆ ಸಾಕ್ಷಿಯಾದರು.
ಶ್ರೀನಿವಾಸಪುರ ತಾಲೂಕು ಯಲ್ಲಂಪಲ್ಲಿ ಗ್ರಾಮದ ಸರ್ಕಾರಿ ಶಾಲೆಯಲ್ಲಿ ನಡೆದ ಮಹಿಳಾ ದಿನಾಚರಣೆ ಕಾರ್ಯಕ್ರಮದಲ್ಲಿ ಅಂಗನವಾಡಿ ಕಾರ್ಯಕರ್ತೆಯರು, ಸ್ವಸಹಾಯ ಸಂಘದ ಮಹಿಳೆಯರು ಭಾಗವಹಿಸಿದ್ದರು. ಬಾಲಕಿಯರ ಶಿಕ್ಷಣಕ್ಕೆ ಉತ್ತೇಜನ ನೀಡುವಂತೆ ಮುಖಂಡರು ಕರೆ ನೀಡಿದರು.
